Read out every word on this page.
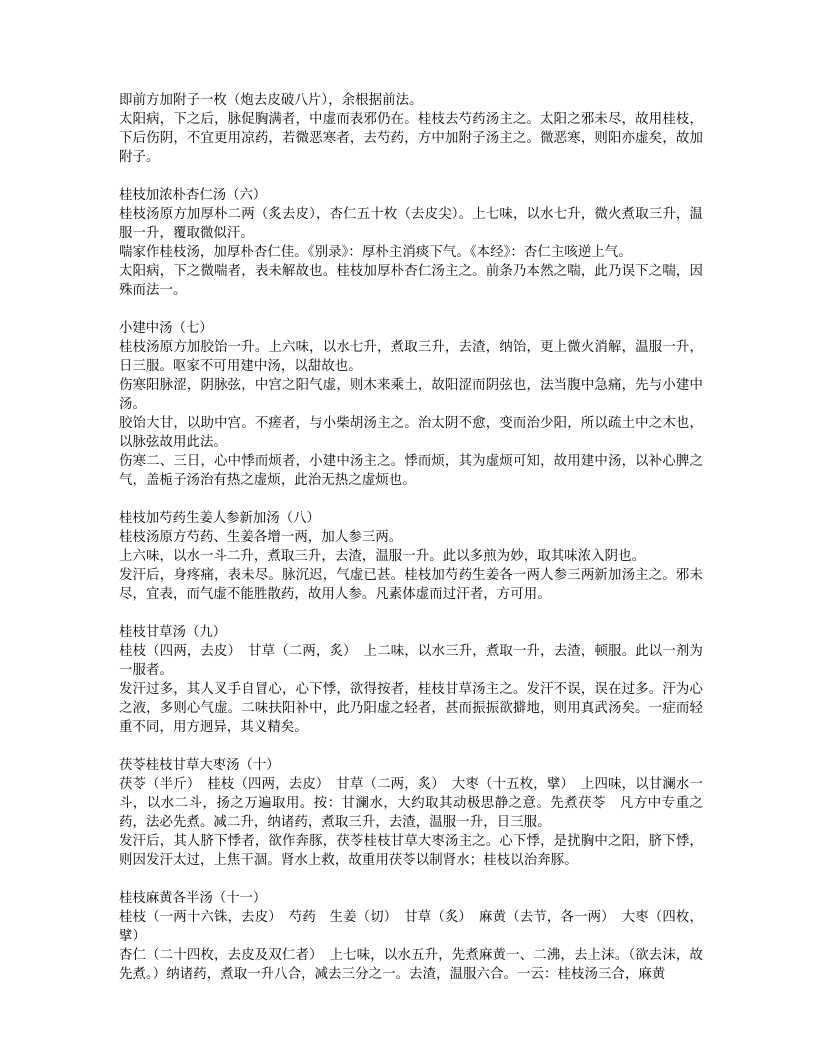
即前方加附子一枚（炮去皮破八片），余根据前法。

太阳病，下之后，脉促胸满者，中虚而表邪仍在。桂枝去芍药汤主之。太阳之邪未尽，故用桂枝，下后伤阴，不宜更用凉药，若微恶寒者，去芍药，方中加附子汤主之。微恶寒，则阳亦虚矣，故加附子。

桂枝加浓朴杏仁汤（六）

桂枝汤原方加厚朴二两（炙去皮），杏仁五十枚（去皮尖）。上七味，以水七升，微火煮取三升，温服一升，覆取微似汗。

喘家作桂枝汤，加厚朴杏仁佳。《别录》：厚朴主消痰下气。《本经》：杏仁主咳逆上气。

太阳病，下之微喘者，表未解故也。桂枝加厚朴杏仁汤主之。前条乃本然之喘，此乃误下之喘，因殊而法一。

小建中汤（七）

桂枝汤原方加胶饴一升。上六味，以水七升，煮取三升，去渣，纳饴，更上微火消解，温服一升，日三服。呕家不可用建中汤，以甜故也。

伤寒阳脉涩，阴脉弦，中宫之阳气虚，则木来乘土，故阳涩而阴弦也，法当腹中急痛，先与小建中汤。

胶饴大甘，以助中宫。不瘥者，与小柴胡汤主之。治太阴不愈，变而治少阳，所以疏土中之木也，以脉弦故用此法。

伤寒二、三日，心中悸而烦者，小建中汤主之。悸而烦，其为虚烦可知，故用建中汤，以补心脾之气，盖栀子汤治有热之虚烦，此治无热之虚烦也。

桂枝加芍药生姜人参新加汤（八）

桂枝汤原方芍药、生姜各增一两，加人参三两。

上六味，以水一斗二升，煮取三升，去渣，温服一升。此以多煎为妙，取其味浓入阴也。

发汗后，身疼痛，表未尽。脉沉迟，气虚已甚。桂枝加芍药生姜各一两人参三两新加汤主之。邪未尽，宜表，而气虚不能胜散药，故用人参。凡素体虚而过汗者，方可用。

桂枝甘草汤（九）

桂枝（四两，去皮）　甘草（二两，炙）　上二味，以水三升，煮取一升，去渣，顿服。此以一剂为一服者。

发汗过多，其人叉手自冒心，心下悸，欲得按者，桂枝甘草汤主之。发汗不误，误在过多。汗为心之液，多则心气虚。二味扶阳补中，此乃阳虚之轻者，甚而振振欲擗地，则用真武汤矣。一症而轻重不同，用方迥异，其义精矣。

茯苓桂枝甘草大枣汤（十）

茯苓（半斤）　桂枝（四两，去皮）　甘草（二两，炙）　大枣（十五枚，擘）　上四味，以甘澜水一斗，以水二斗，扬之万遍取用。按：甘澜水，大约取其动极思静之意。先煮茯苓　凡方中专重之药，法必先煮。减二升，纳诸药，煮取三升，去渣，温服一升，日三服。

发汗后，其人脐下悸者，欲作奔豚，茯苓桂枝甘草大枣汤主之。心下悸，是扰胸中之阳，脐下悸，则因发汗太过，上焦干涸。肾水上救，故重用茯苓以制肾水；桂枝以治奔豚。

桂枝麻黄各半汤（十一）

桂枝（一两十六铢，去皮）　芍药　生姜（切）　甘草（炙）　麻黄（去节，各一两）　大枣（四枚，擘）

杏仁（二十四枚，去皮及双仁者）　上七味，以水五升，先煮麻黄一、二沸，去上沫。（欲去沫，故先煮。）纳诸药，煮取一升八合，减去三分之一。去渣，温服六合。一云：桂枝汤三合，麻黄
